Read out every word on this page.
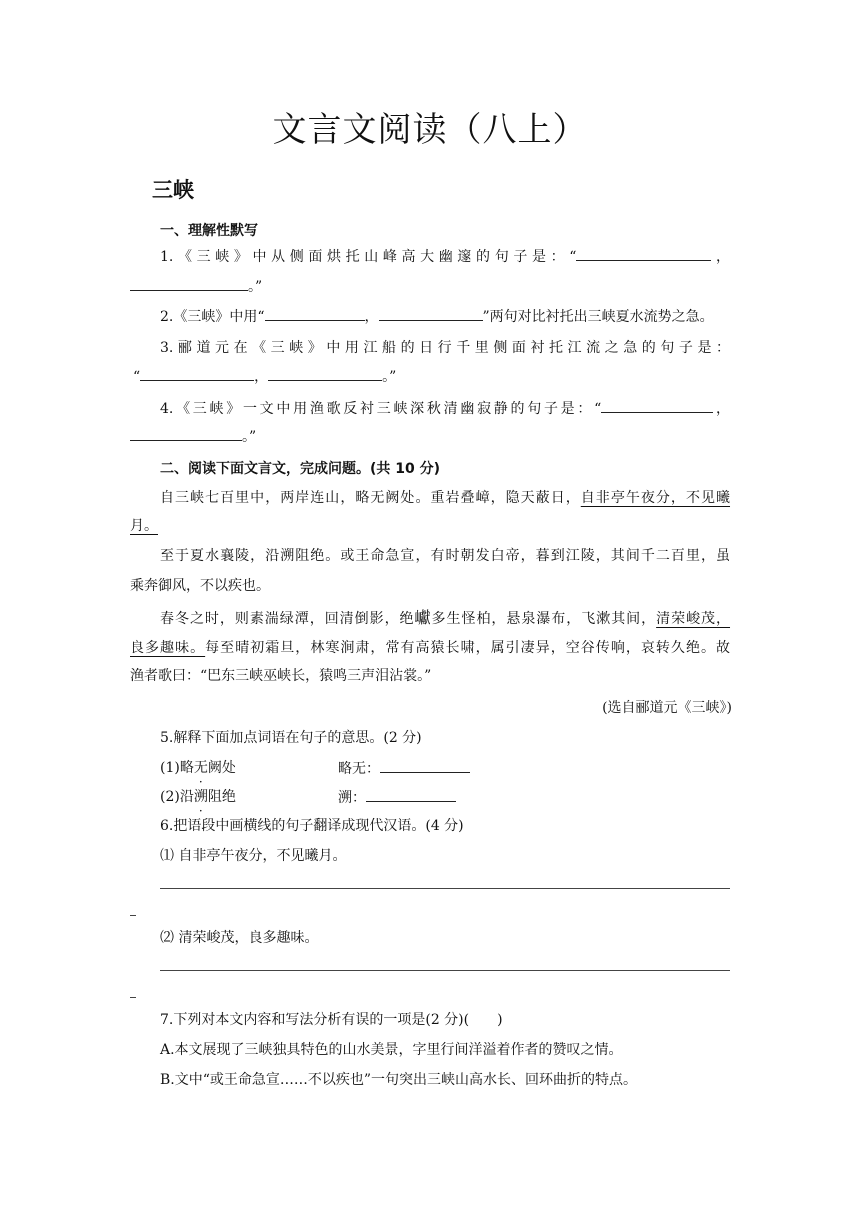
文言文阅读（八上）
三峡
一、理解性默写
1.《三峡》中从侧面烘托山峰高大幽邃的句子是：“	，
。”
2.《三峡》中用“	，	”两句对比衬托出三峡夏水流势之急。
3.郦道元在《三峡》中用江船的日行千里侧面衬托江流之急的句子是：
“	，	。”
4.《三峡》一文中用渔歌反衬三峡深秋清幽寂静的句子是：“	，
。”
二、阅读下面文言文，完成问题。(共 10 分)
自三峡七百里中，两岸连山，略无阙处。重岩叠嶂，隐天蔽日，自非亭午夜分，不见曦
月。
至于夏水襄陵，沿溯阻绝。或王命急宣，有时朝发白帝，暮到江陵，其间千二百里，虽
乘奔御风，不以疾也。
春冬之时，则素湍绿潭，回清倒影，绝巘多生怪柏，悬泉瀑布，飞漱其间，清荣峻茂，
良多趣味。每至晴初霜旦，林寒涧肃，常有高猿长啸，属引凄异，空谷传响，哀转久绝。故
渔者歌曰：“巴东三峡巫峡长，猿鸣三声泪沾裳。”
(选自郦道元《三峡》)
5.解释下面加点词语在句子的意思。(2 分)
(1)略无阙处	略无：
(2)沿溯阻绝	溯：
6.把语段中画横线的句子翻译成现代汉语。(4 分)
⑴ 自非亭午夜分，不见曦月。
⑵ 清荣峻茂，良多趣味。
7.下列对本文内容和写法分析有误的一项是(2 分)(　　)
A.本文展现了三峡独具特色的山水美景，字里行间洋溢着作者的赞叹之情。
B.文中“或王命急宣……不以疾也”一句突出三峡山高水长、回环曲折的特点。
